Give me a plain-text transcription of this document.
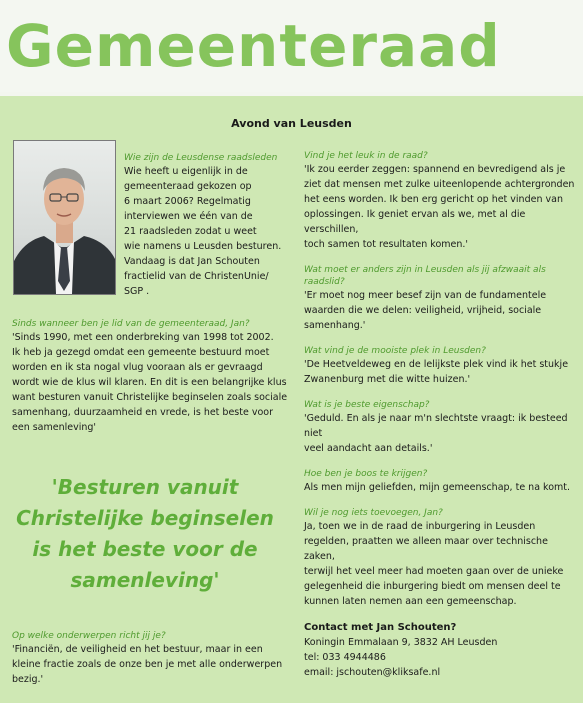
Gemeenteraad
Avond van Leusden
Wie zijn de Leusdense raadsleden
Wie heeft u eigenlijk in de
gemeenteraad gekozen op
6 maart 2006? Regelmatig
interviewen we één van de
21 raadsleden zodat u weet
wie namens u Leusden besturen.
Vandaag is dat Jan Schouten
fractielid van de ChristenUnie/
SGP .
Sinds wanneer ben je lid van de gemeenteraad, Jan?
'Sinds 1990, met een onderbreking van 1998 tot 2002.
Ik heb ja gezegd omdat een gemeente bestuurd moet
worden en ik sta nogal vlug vooraan als er gevraagd
wordt wie de klus wil klaren. En dit is een belangrijke klus
want besturen vanuit Christelijke beginselen zoals sociale
samenhang, duurzaamheid en vrede, is het beste voor
een samenleving'
'Besturen vanuit
Christelijke beginselen
is het beste voor de
samenleving'
Op welke onderwerpen richt jij je?
'Financiën, de veiligheid en het bestuur, maar in een
kleine fractie zoals de onze ben je met alle onderwerpen
bezig.'
Vind je het leuk in de raad?
'Ik zou eerder zeggen: spannend en bevredigend als je
ziet dat mensen met zulke uiteenlopende achtergronden
het eens worden. Ik ben erg gericht op het vinden van
oplossingen. Ik geniet ervan als we, met al die verschillen,
toch samen tot resultaten komen.'
Wat moet er anders zijn in Leusden als jij afzwaait als
raadslid?
'Er moet nog meer besef zijn van de fundamentele
waarden die we delen: veiligheid, vrijheid, sociale
samenhang.'
Wat vind je de mooiste plek in Leusden?
'De Heetveldeweg en de lelijkste plek vind ik het stukje
Zwanenburg met die witte huizen.'
Wat is je beste eigenschap?
'Geduld. En als je naar m'n slechtste vraagt: ik besteed niet
veel aandacht aan details.'
Hoe ben je boos te krijgen?
Als men mijn geliefden, mijn gemeenschap, te na komt.
Wil je nog iets toevoegen, Jan?
Ja, toen we in de raad de inburgering in Leusden
regelden, praatten we alleen maar over technische zaken,
terwijl het veel meer had moeten gaan over de unieke
gelegenheid die inburgering biedt om mensen deel te
kunnen laten nemen aan een gemeenschap.
Contact met Jan Schouten?
Koningin Emmalaan 9, 3832 AH Leusden
tel: 033 4944486
email: jschouten@kliksafe.nl
